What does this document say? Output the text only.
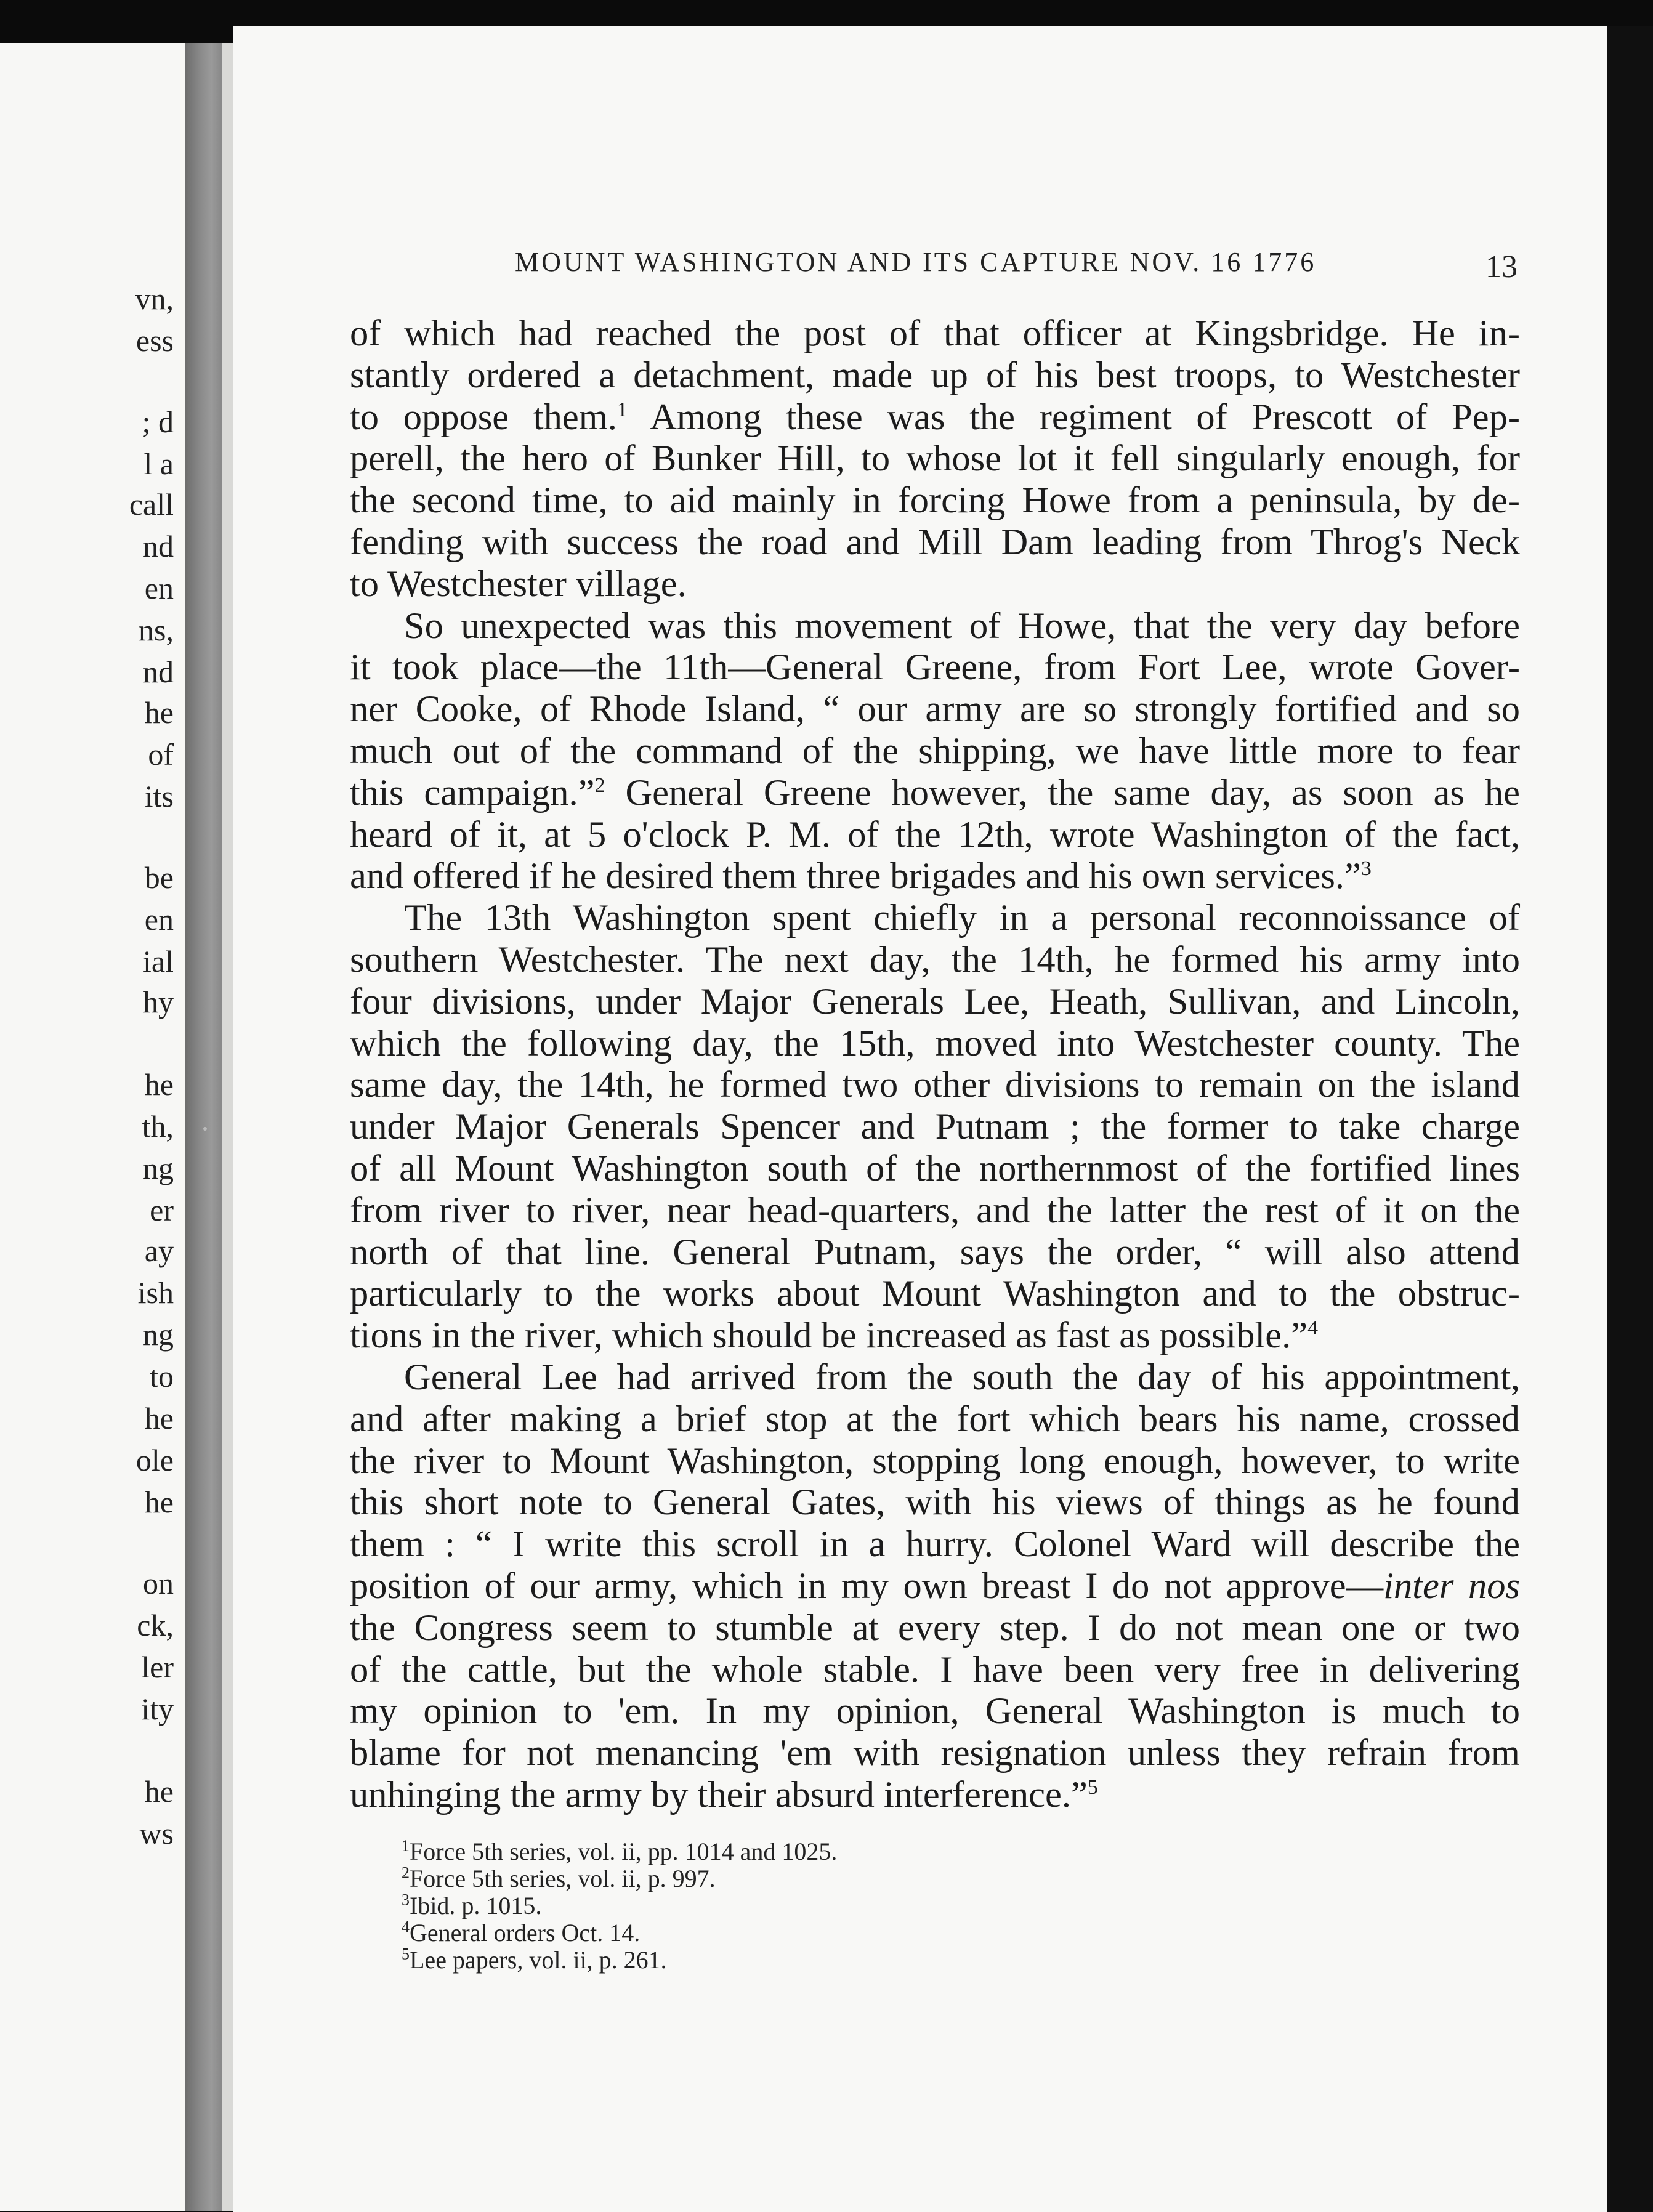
vn,
ess
; d
l a
call
nd
en
ns,
nd
he
of
its
be
en
ial
hy
he
th,
ng
er
ay
ish
ng
to
he
ole
he
on
ck,
ler
ity
he
ws
MOUNT WASHINGTON AND ITS CAPTURE NOV. 16 1776	13
of which had reached the post of that officer at Kingsbridge. He in-
stantly ordered a detachment, made up of his best troops, to Westchester
to oppose them.$^1$ Among these was the regiment of Prescott of Pep-
perell, the hero of Bunker Hill, to whose lot it fell singularly enough, for
the second time, to aid mainly in forcing Howe from a peninsula, by de-
fending with success the road and Mill Dam leading from Throg's Neck
to Westchester village.
So unexpected was this movement of Howe, that the very day before
it took place—the 11th—General Greene, from Fort Lee, wrote Gover-
ner Cooke, of Rhode Island, “ our army are so strongly fortified and so
much out of the command of the shipping, we have little more to fear
this campaign.”$^2$ General Greene however, the same day, as soon as he
heard of it, at 5 o'clock P. M. of the 12th, wrote Washington of the fact,
and offered if he desired them three brigades and his own services.”$^3$
The 13th Washington spent chiefly in a personal reconnoissance of
southern Westchester. The next day, the 14th, he formed his army into
four divisions, under Major Generals Lee, Heath, Sullivan, and Lincoln,
which the following day, the 15th, moved into Westchester county. The
same day, the 14th, he formed two other divisions to remain on the island
under Major Generals Spencer and Putnam ; the former to take charge
of all Mount Washington south of the northernmost of the fortified lines
from river to river, near head-quarters, and the latter the rest of it on the
north of that line. General Putnam, says the order, “ will also attend
particularly to the works about Mount Washington and to the obstruc-
tions in the river, which should be increased as fast as possible.”$^4$
General Lee had arrived from the south the day of his appointment,
and after making a brief stop at the fort which bears his name, crossed
the river to Mount Washington, stopping long enough, however, to write
this short note to General Gates, with his views of things as he found
them : “ I write this scroll in a hurry. Colonel Ward will describe the
position of our army, which in my own breast I do not approve—inter nos
the Congress seem to stumble at every step. I do not mean one or two
of the cattle, but the whole stable. I have been very free in delivering
my opinion to 'em. In my opinion, General Washington is much to
blame for not menancing 'em with resignation unless they refrain from
unhinging the army by their absurd interference.”$^5$
$^1$Force 5th series, vol. ii, pp. 1014 and 1025.
$^2$Force 5th series, vol. ii, p. 997.
$^3$Ibid. p. 1015.
$^4$General orders Oct. 14.
$^5$Lee papers, vol. ii, p. 261.
